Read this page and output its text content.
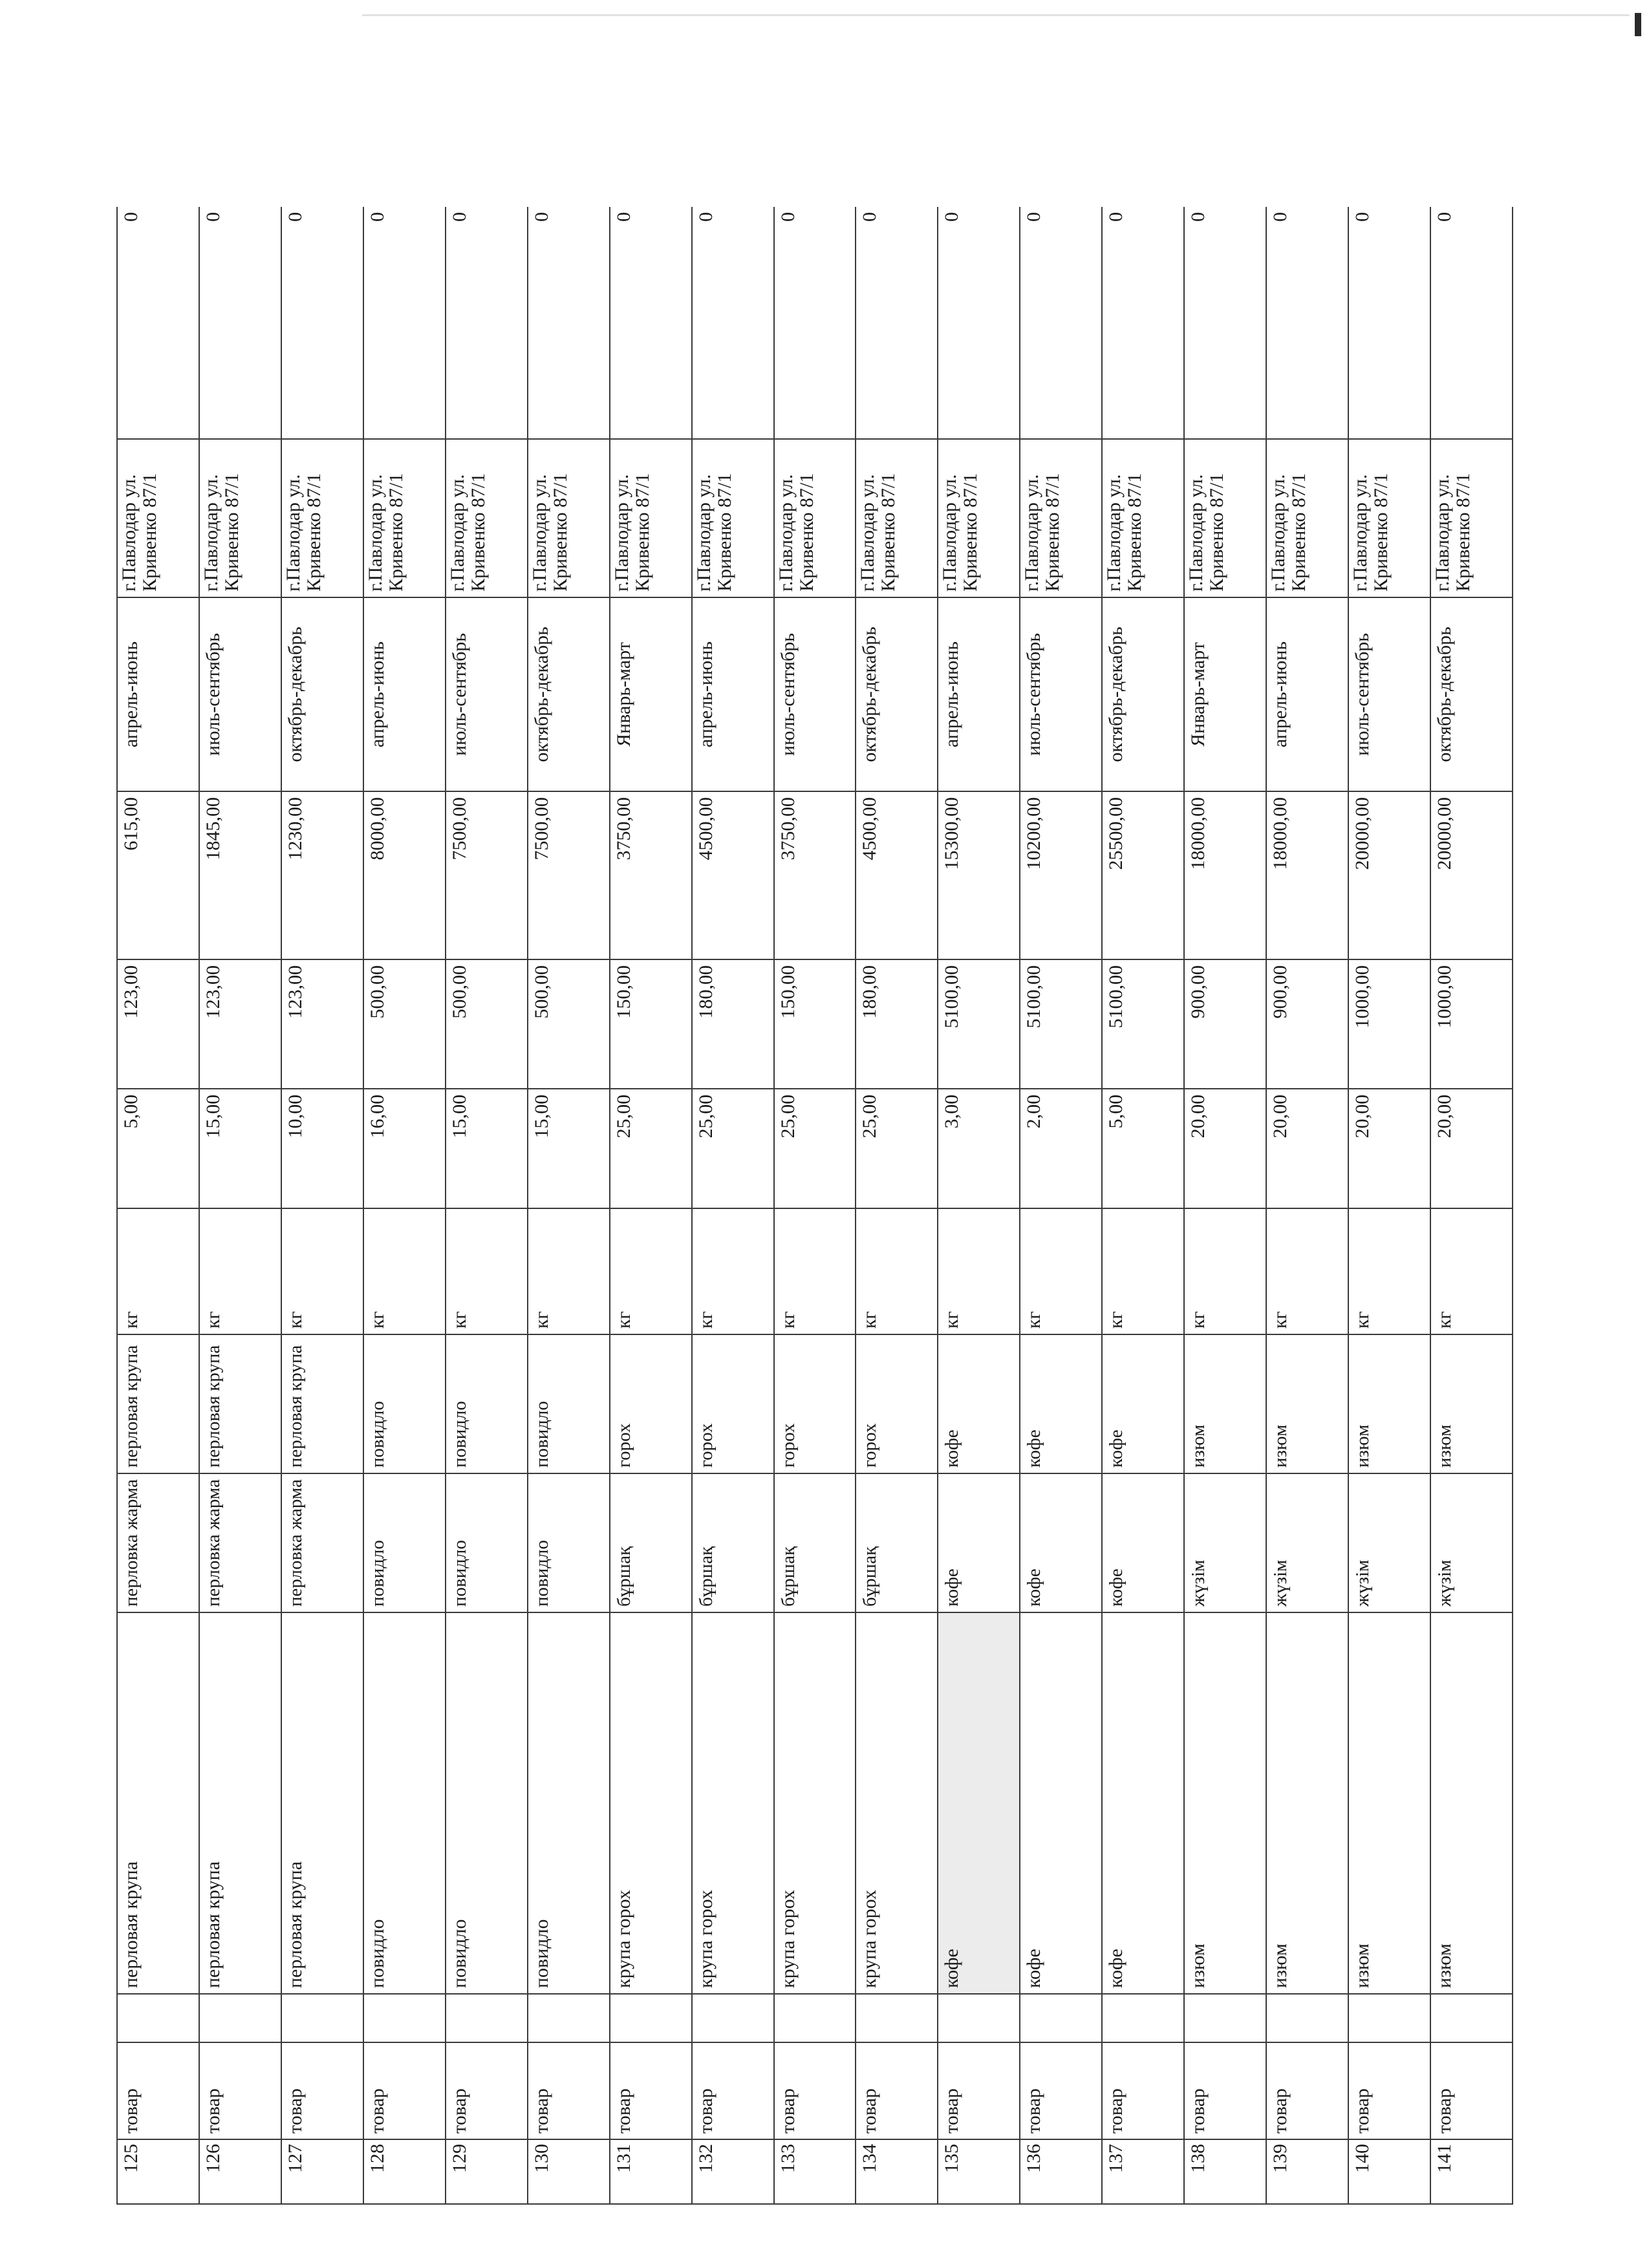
125	товар		перловая крупа	перловка жарма	перловая крупа	кг	5,00	123,00	615,00	апрель-июнь	г.Павлодар ул. Кривенко 87/1	0
126	товар		перловая крупа	перловка жарма	перловая крупа	кг	15,00	123,00	1845,00	июль-сентябрь	г.Павлодар ул. Кривенко 87/1	0
127	товар		перловая крупа	перловка жарма	перловая крупа	кг	10,00	123,00	1230,00	октябрь-декабрь	г.Павлодар ул. Кривенко 87/1	0
128	товар		повидло	повидло	повидло	кг	16,00	500,00	8000,00	апрель-июнь	г.Павлодар ул. Кривенко 87/1	0
129	товар		повидло	повидло	повидло	кг	15,00	500,00	7500,00	июль-сентябрь	г.Павлодар ул. Кривенко 87/1	0
130	товар		повидло	повидло	повидло	кг	15,00	500,00	7500,00	октябрь-декабрь	г.Павлодар ул. Кривенко 87/1	0
131	товар		крупа горох	бұршақ	горох	кг	25,00	150,00	3750,00	Январь-март	г.Павлодар ул. Кривенко 87/1	0
132	товар		крупа горох	бұршақ	горох	кг	25,00	180,00	4500,00	апрель-июнь	г.Павлодар ул. Кривенко 87/1	0
133	товар		крупа горох	бұршақ	горох	кг	25,00	150,00	3750,00	июль-сентябрь	г.Павлодар ул. Кривенко 87/1	0
134	товар		крупа горох	бұршақ	горох	кг	25,00	180,00	4500,00	октябрь-декабрь	г.Павлодар ул. Кривенко 87/1	0
135	товар		кофе	кофе	кофе	кг	3,00	5100,00	15300,00	апрель-июнь	г.Павлодар ул. Кривенко 87/1	0
136	товар		кофе	кофе	кофе	кг	2,00	5100,00	10200,00	июль-сентябрь	г.Павлодар ул. Кривенко 87/1	0
137	товар		кофе	кофе	кофе	кг	5,00	5100,00	25500,00	октябрь-декабрь	г.Павлодар ул. Кривенко 87/1	0
138	товар		изюм	жүзім	изюм	кг	20,00	900,00	18000,00	Январь-март	г.Павлодар ул. Кривенко 87/1	0
139	товар		изюм	жүзім	изюм	кг	20,00	900,00	18000,00	апрель-июнь	г.Павлодар ул. Кривенко 87/1	0
140	товар		изюм	жүзім	изюм	кг	20,00	1000,00	20000,00	июль-сентябрь	г.Павлодар ул. Кривенко 87/1	0
141	товар		изюм	жүзім	изюм	кг	20,00	1000,00	20000,00	октябрь-декабрь	г.Павлодар ул. Кривенко 87/1	0
